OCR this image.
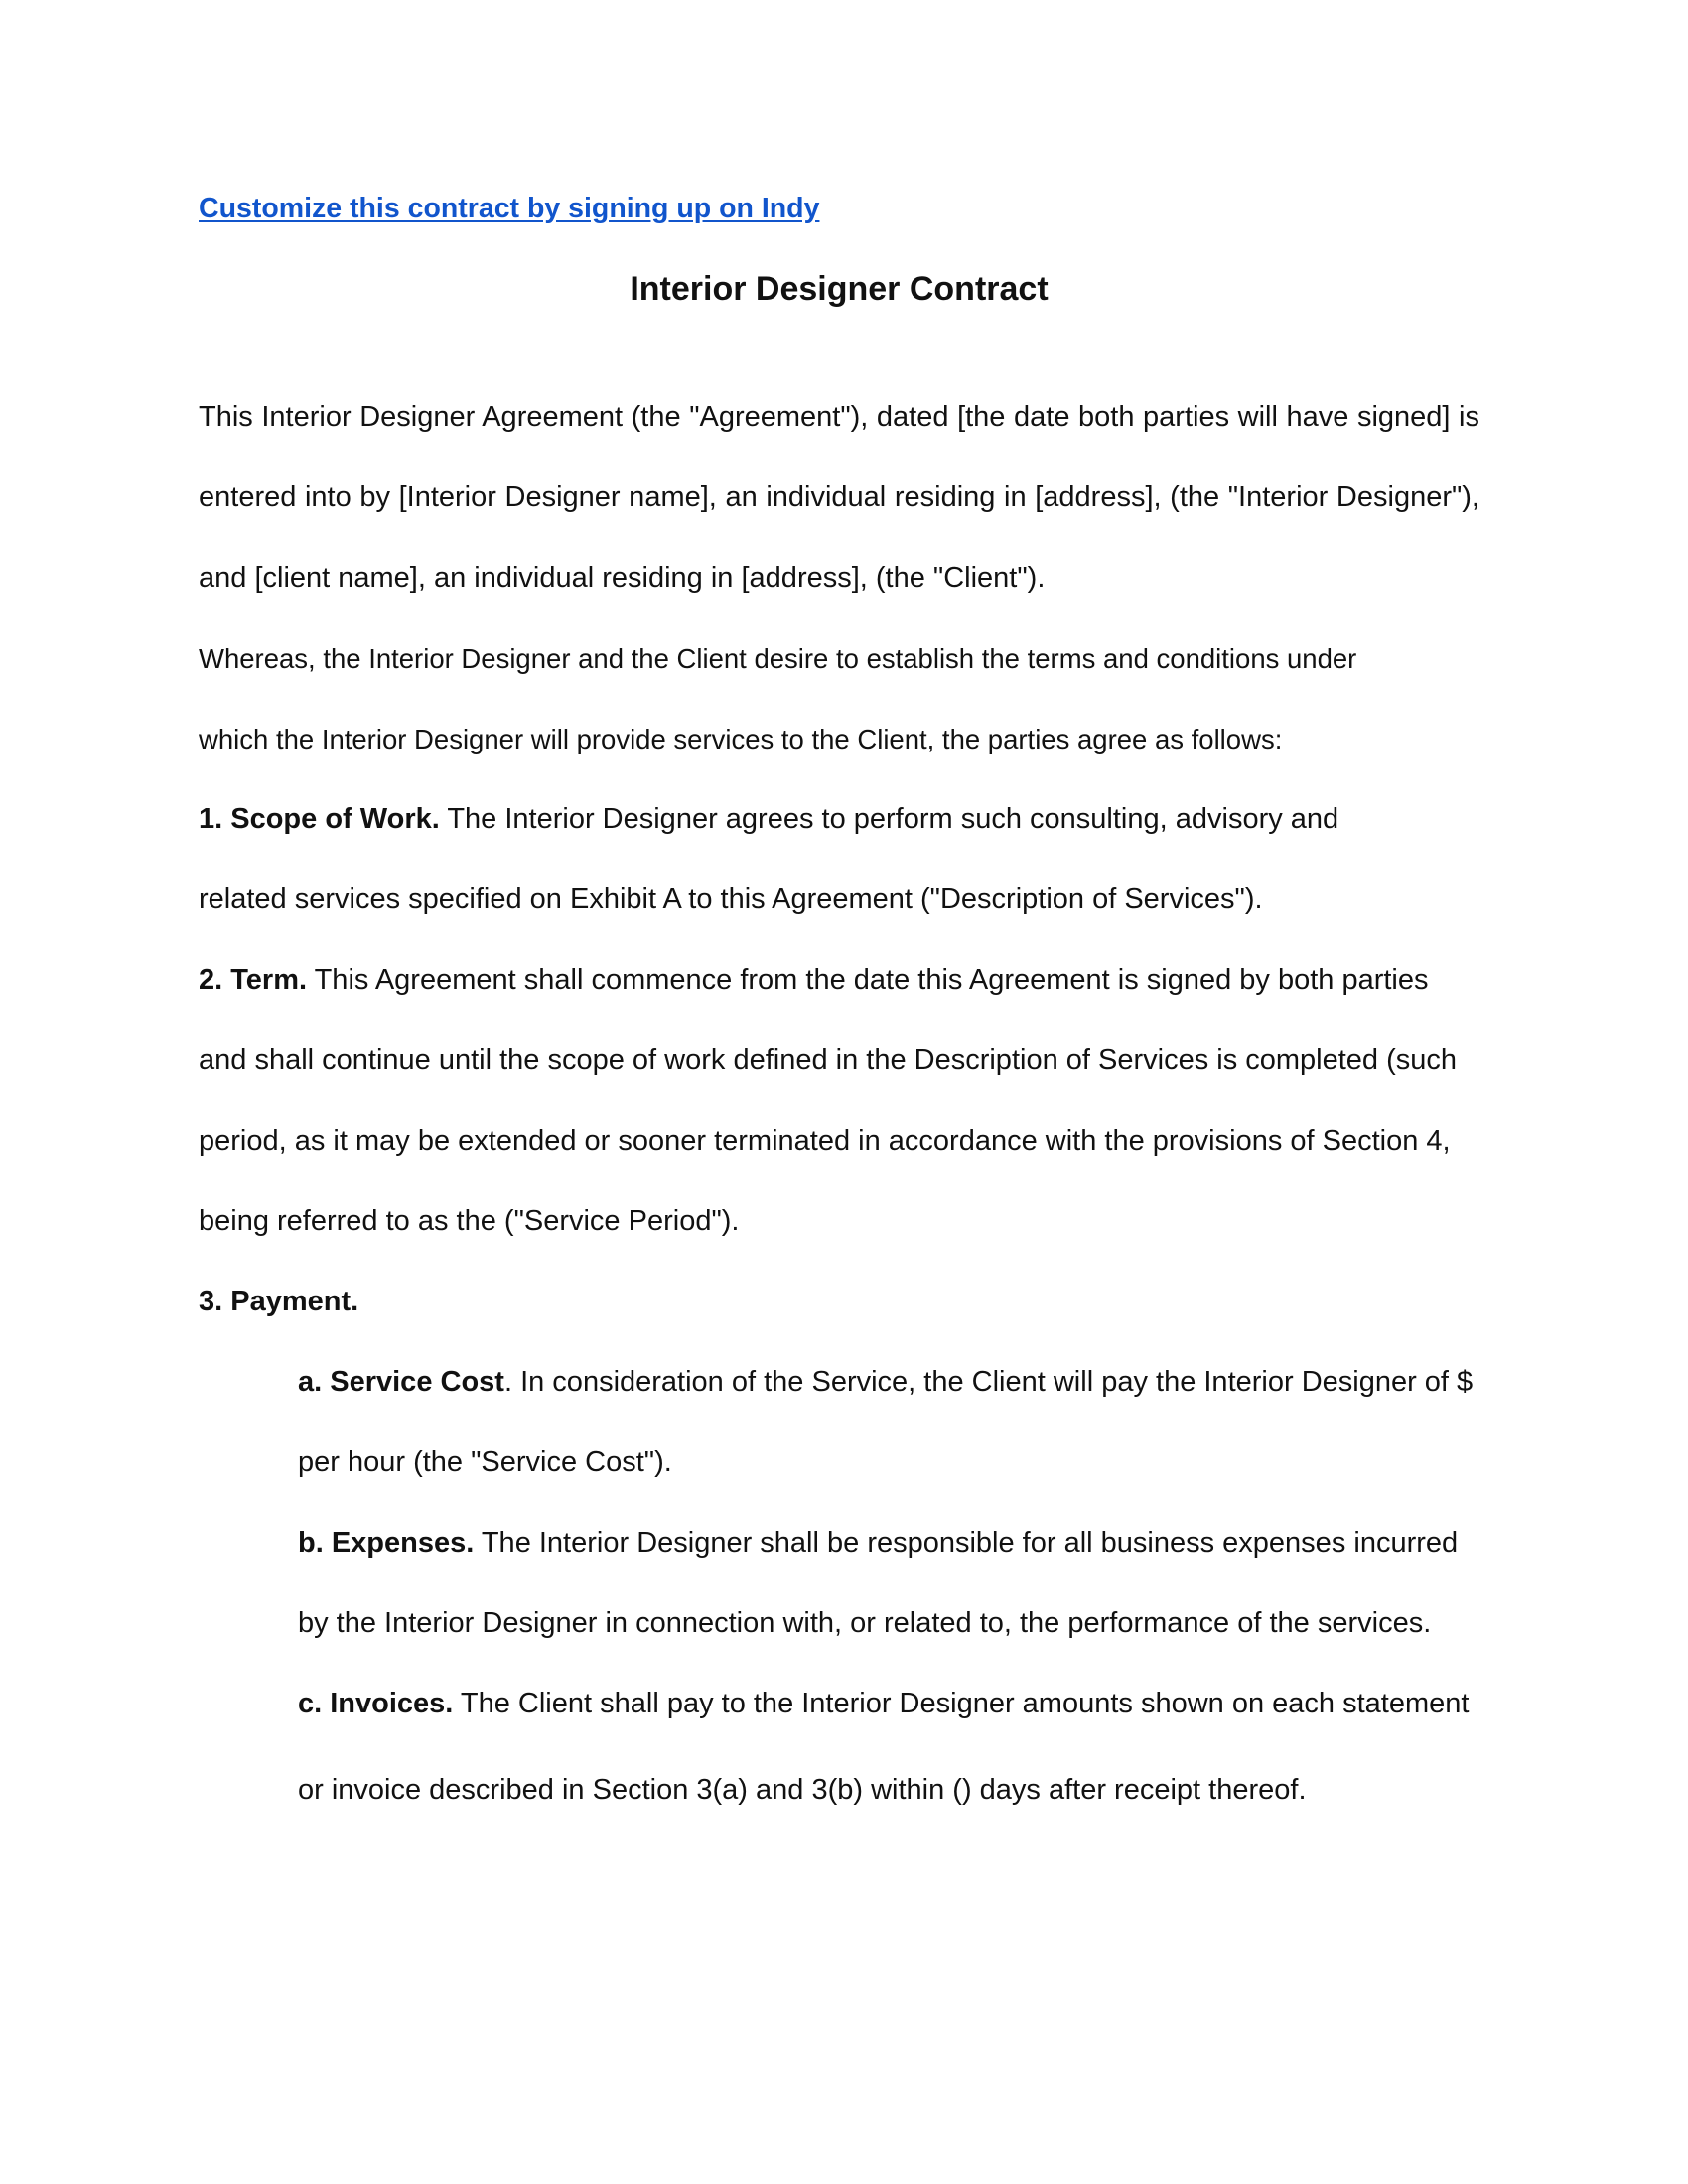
Customize this contract by signing up on Indy
Interior Designer Contract

This Interior Designer Agreement (the "Agreement"), dated [the date both parties will have signed] is entered into by [Interior Designer name], an individual residing in [address], (the "Interior Designer"), and [client name], an individual residing in [address], (the "Client").

Whereas, the Interior Designer and the Client desire to establish the terms and conditions under
which the Interior Designer will provide services to the Client, the parties agree as follows:

1. Scope of Work. The Interior Designer agrees to perform such consulting, advisory and
related services specified on Exhibit A to this Agreement ("Description of Services").

2. Term. This Agreement shall commence from the date this Agreement is signed by both parties
and shall continue until the scope of work defined in the Description of Services is completed (such
period, as it may be extended or sooner terminated in accordance with the provisions of Section 4,
being referred to as the ("Service Period").

3. Payment.

a. Service Cost. In consideration of the Service, the Client will pay the Interior Designer of $
per hour (the "Service Cost").

b. Expenses. The Interior Designer shall be responsible for all business expenses incurred
by the Interior Designer in connection with, or related to, the performance of the services.

c. Invoices. The Client shall pay to the Interior Designer amounts shown on each statement
or invoice described in Section 3(a) and 3(b) within () days after receipt thereof.
